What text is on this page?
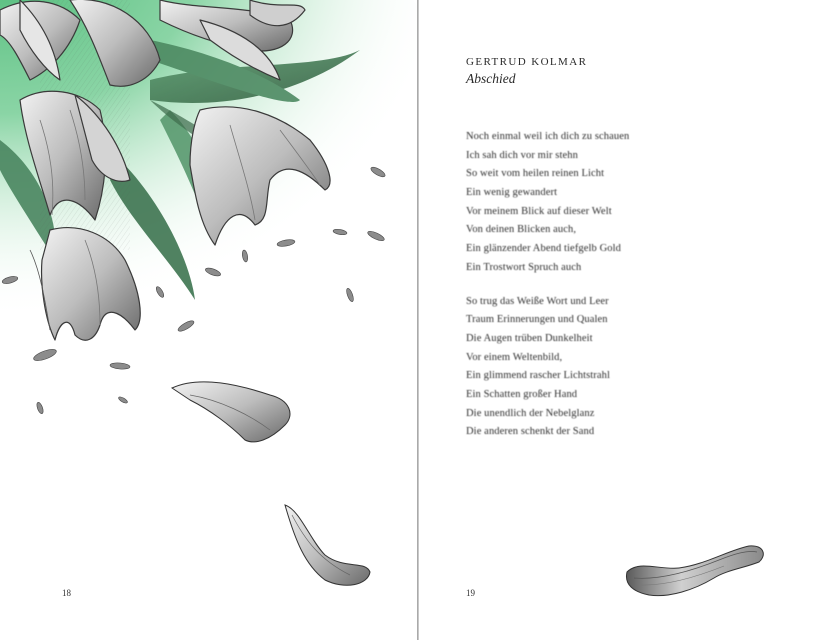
18
GERTRUD KOLMAR
Abschied
Noch einmal weil ich dich zu schauen
Ich sah dich vor mir stehn
So weit vom heilen reinen Licht
Ein wenig gewandert
Vor meinem Blick auf dieser Welt
Von deinen Blicken auch,
Ein glänzender Abend tiefgelb Gold
Ein Trostwort Spruch auch
So trug das Weiße Wort und Leer
Traum Erinnerungen und Qualen
Die Augen trüben Dunkelheit
Vor einem Weltenbild,
Ein glimmend rascher Lichtstrahl
Ein Schatten großer Hand
Die unendlich der Nebelglanz
Die anderen schenkt der Sand
19
